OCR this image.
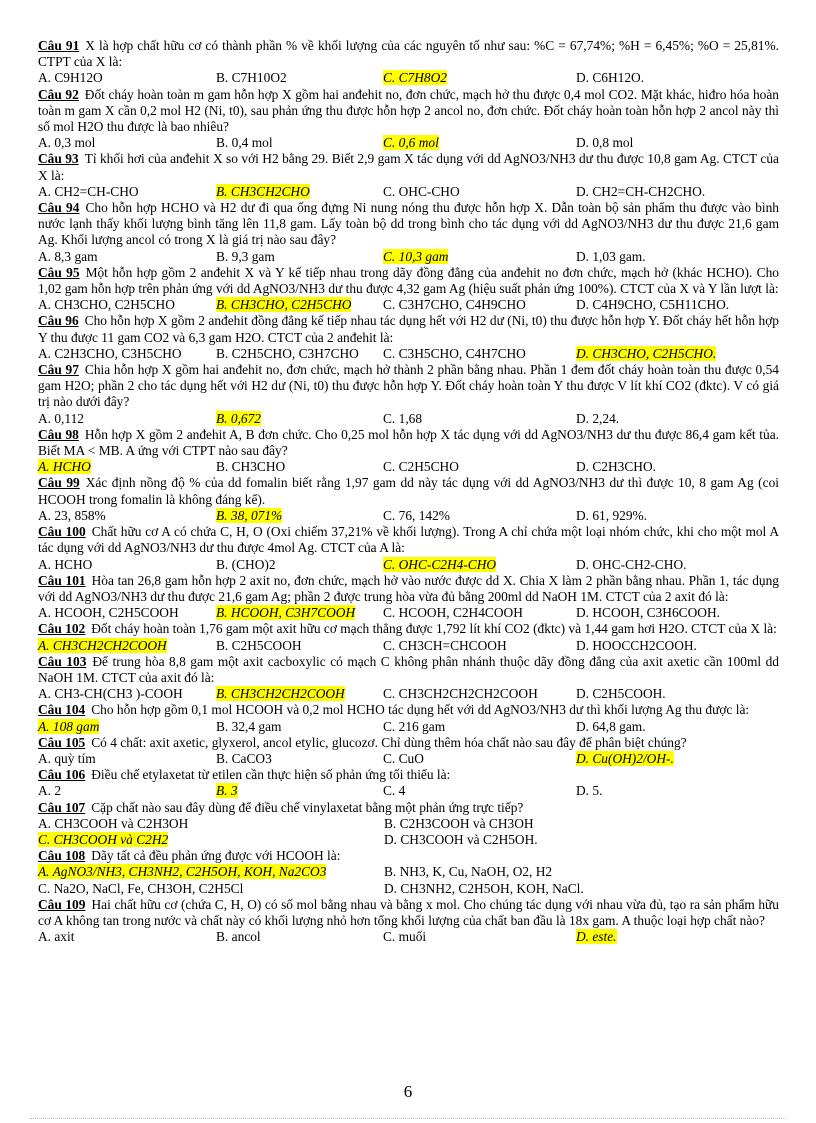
Câu 91 X là hợp chất hữu cơ có thành phần % về khối lượng của các nguyên tố như sau: %C = 67,74%; %H = 6,45%; %O = 25,81%. CTPT của X là:
A. C9H12O	B. C7H10O2	C. C7H8O2	D. C6H12O.
Câu 92 Đốt cháy hoàn toàn m gam hỗn hợp X gồm hai anđehit no, đơn chức, mạch hở thu được 0,4 mol CO2. Mặt khác, hiđro hóa hoàn toàn m gam X cần 0,2 mol H2 (Ni, t0), sau phản ứng thu được hỗn hợp 2 ancol no, đơn chức. Đốt cháy hoàn toàn hỗn hợp 2 ancol này thì số mol H2O thu được là bao nhiêu?
A. 0,3 mol	B. 0,4 mol	C. 0,6 mol	D. 0,8 mol
Câu 93 Tỉ khối hơi của anđehit X so với H2 bằng 29. Biết 2,9 gam X tác dụng với dd AgNO3/NH3 dư thu được 10,8 gam Ag. CTCT của X là:
A. CH2=CH-CHO	B. CH3CH2CHO	C. OHC-CHO	D. CH2=CH-CH2CHO.
Câu 94 Cho hỗn hợp HCHO và H2 dư đi qua ống đựng Ni nung nóng thu được hỗn hợp X. Dẫn toàn bộ sản phẩm thu được vào bình nước lạnh thấy khối lượng bình tăng lên 11,8 gam. Lấy toàn bộ dd trong bình cho tác dụng với dd AgNO3/NH3 dư thu được 21,6 gam Ag. Khối lượng ancol có trong X là giá trị nào sau đây?
A. 8,3 gam	B. 9,3 gam	C. 10,3 gam	D. 1,03 gam.
Câu 95 Một hỗn hợp gồm 2 anđehit X và Y kế tiếp nhau trong dãy đồng đẳng của anđehit no đơn chức, mạch hở (khác HCHO). Cho 1,02 gam hỗn hợp trên phản ứng với dd AgNO3/NH3 dư thu được 4,32 gam Ag (hiệu suất phản ứng 100%). CTCT của X và Y lần lượt là:
A. CH3CHO, C2H5CHO	B. CH3CHO, C2H5CHO	C. C3H7CHO, C4H9CHO	D. C4H9CHO, C5H11CHO.
Câu 96 Cho hỗn hợp X gồm 2 anđehit đồng đẳng kế tiếp nhau tác dụng hết với H2 dư (Ni, t0) thu được hỗn hợp Y. Đốt cháy hết hỗn hợp Y thu được 11 gam CO2 và 6,3 gam H2O. CTCT của 2 anđehit là:
A. C2H3CHO, C3H5CHO	B. C2H5CHO, C3H7CHO	C. C3H5CHO, C4H7CHO	D. CH3CHO, C2H5CHO.
Câu 97 Chia hỗn hợp X gồm hai anđehit no, đơn chức, mạch hở thành 2 phần bằng nhau. Phần 1 đem đốt cháy hoàn toàn thu được 0,54 gam H2O; phần 2 cho tác dụng hết với H2 dư (Ni, t0) thu được hỗn hợp Y. Đốt cháy hoàn toàn Y thu được V lít khí CO2 (đktc). V có giá trị nào dưới đây?
A. 0,112	B. 0,672	C. 1,68	D. 2,24.
Câu 98 Hỗn hợp X gồm 2 anđehit A, B đơn chức. Cho 0,25 mol hỗn hợp X tác dụng với dd AgNO3/NH3 dư thu được 86,4 gam kết tủa. Biết MA < MB. A ứng với CTPT nào sau đây?
A. HCHO	B. CH3CHO	C. C2H5CHO	D. C2H3CHO.
Câu 99 Xác định nồng độ % của dd fomalin biết rằng 1,97 gam dd này tác dụng với dd AgNO3/NH3 dư thì được 10, 8 gam Ag (coi HCOOH trong fomalin là không đáng kể).
A. 23, 858%	B. 38, 071%	C. 76, 142%	D. 61, 929%.
Câu 100 Chất hữu cơ A có chứa C, H, O (Oxi chiếm 37,21% về khối lượng). Trong A chỉ chứa một loại nhóm chức, khi cho một mol A tác dụng với dd AgNO3/NH3 dư thu được 4mol Ag. CTCT của A là:
A. HCHO	B. (CHO)2	C. OHC-C2H4-CHO	D. OHC-CH2-CHO.
Câu 101 Hòa tan 26,8 gam hỗn hợp 2 axit no, đơn chức, mạch hở vào nước được dd X. Chia X làm 2 phần bằng nhau. Phần 1, tác dụng với dd AgNO3/NH3 dư thu được 21,6 gam Ag; phần 2 được trung hòa vừa đủ bằng 200ml dd NaOH 1M. CTCT của 2 axit đó là:
A. HCOOH, C2H5COOH	B. HCOOH, C3H7COOH	C. HCOOH, C2H4COOH	D. HCOOH, C3H6COOH.
Câu 102 Đốt cháy hoàn toàn 1,76 gam một axit hữu cơ mạch thẳng được 1,792 lít khí CO2 (đktc) và 1,44 gam hơi H2O. CTCT của X là:
A. CH3CH2CH2COOH	B. C2H5COOH	C. CH3CH=CHCOOH	D. HOOCCH2COOH.
Câu 103 Để trung hòa 8,8 gam một axit cacboxylic có mạch C không phân nhánh thuộc dãy đồng đẳng của axit axetic cần 100ml dd NaOH 1M. CTCT của axit đó là:
A. CH3-CH(CH3 )-COOH	B. CH3CH2CH2COOH	C. CH3CH2CH2CH2COOH	D. C2H5COOH.
Câu 104 Cho hỗn hợp gồm 0,1 mol HCOOH và 0,2 mol HCHO tác dụng hết với dd AgNO3/NH3 dư thì khối lượng Ag thu được là:
A. 108 gam	B. 32,4 gam	C. 216 gam	D. 64,8 gam.
Câu 105 Có 4 chất: axit axetic, glyxerol, ancol etylic, glucozơ. Chỉ dùng thêm hóa chất nào sau đây để phân biệt chúng?
A. quỳ tím	B. CaCO3	C. CuO	D. Cu(OH)2/OH-.
Câu 106 Điều chế etylaxetat từ etilen cần thực hiện số phản ứng tối thiểu là:
A. 2	B. 3	C. 4	D. 5.
Câu 107 Cặp chất nào sau đây dùng để điều chế vinylaxetat bằng một phản ứng trực tiếp?
A. CH3COOH và C2H3OH	B. C2H3COOH và CH3OH
C. CH3COOH và C2H2	D. CH3COOH và C2H5OH.
Câu 108 Dãy tất cả đều phản ứng được với HCOOH là:
A. AgNO3/NH3, CH3NH2, C2H5OH, KOH, Na2CO3	B. NH3, K, Cu, NaOH, O2, H2
C. Na2O, NaCl, Fe, CH3OH, C2H5Cl	D. CH3NH2, C2H5OH, KOH, NaCl.
Câu 109 Hai chất hữu cơ (chứa C, H, O) có số mol bằng nhau và bằng x mol. Cho chúng tác dụng với nhau vừa đủ, tạo ra sản phẩm hữu cơ A không tan trong nước và chất này có khối lượng nhỏ hơn tổng khối lượng của chất ban đầu là 18x gam. A thuộc loại hợp chất nào?
A. axit	B. ancol	C. muối	D. este.
6
